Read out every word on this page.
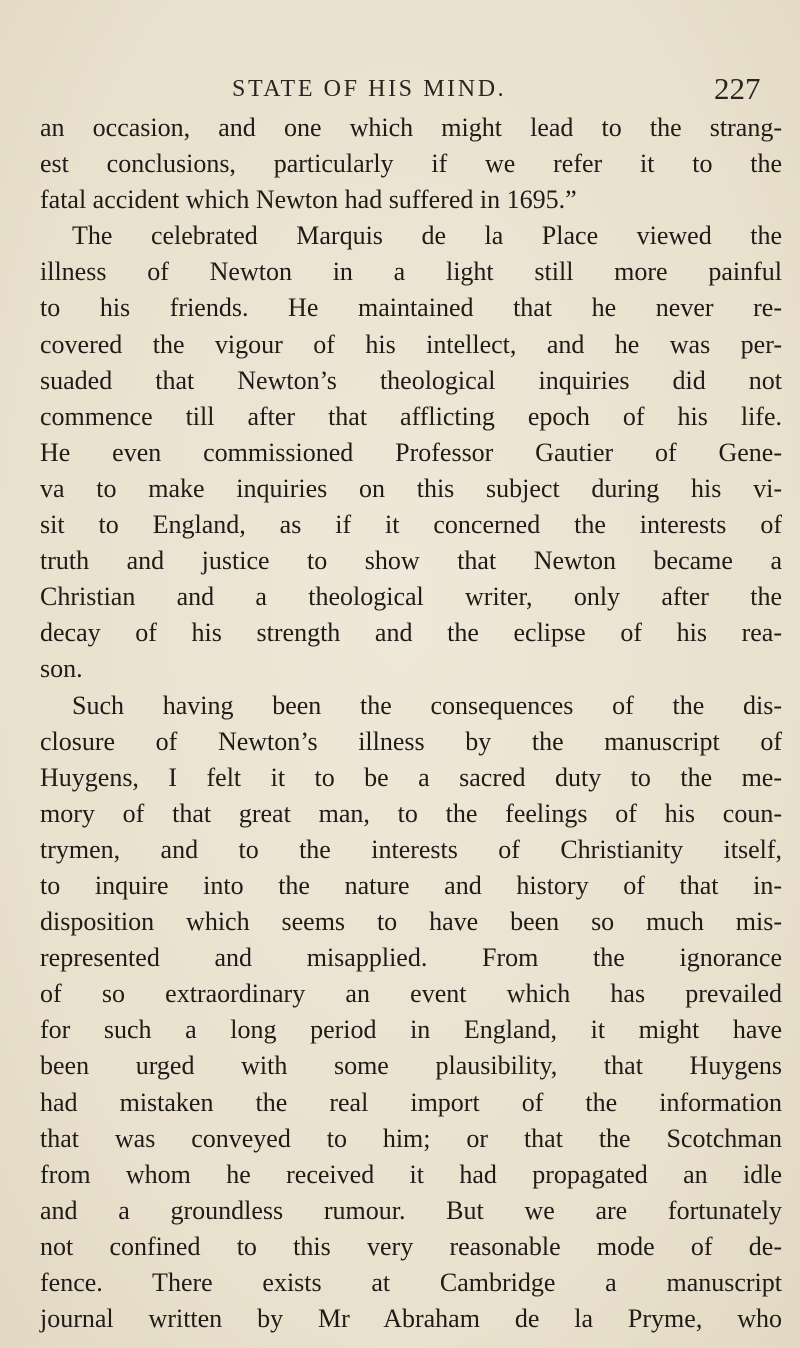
STATE OF HIS MIND.	227
an occasion, and one which might lead to the strang-
est conclusions, particularly if we refer it to the
fatal accident which Newton had suffered in 1695.”
The celebrated Marquis de la Place viewed the
illness of Newton in a light still more painful
to his friends. He maintained that he never re-
covered the vigour of his intellect, and he was per-
suaded that Newton’s theological inquiries did not
commence till after that afflicting epoch of his life.
He even commissioned Professor Gautier of Gene-
va to make inquiries on this subject during his vi-
sit to England, as if it concerned the interests of
truth and justice to show that Newton became a
Christian and a theological writer, only after the
decay of his strength and the eclipse of his rea-
son.
Such having been the consequences of the dis-
closure of Newton’s illness by the manuscript of
Huygens, I felt it to be a sacred duty to the me-
mory of that great man, to the feelings of his coun-
trymen, and to the interests of Christianity itself,
to inquire into the nature and history of that in-
disposition which seems to have been so much mis-
represented and misapplied. From the ignorance
of so extraordinary an event which has prevailed
for such a long period in England, it might have
been urged with some plausibility, that Huygens
had mistaken the real import of the information
that was conveyed to him; or that the Scotchman
from whom he received it had propagated an idle
and a groundless rumour. But we are fortunately
not confined to this very reasonable mode of de-
fence. There exists at Cambridge a manuscript
journal written by Mr Abraham de la Pryme, who
